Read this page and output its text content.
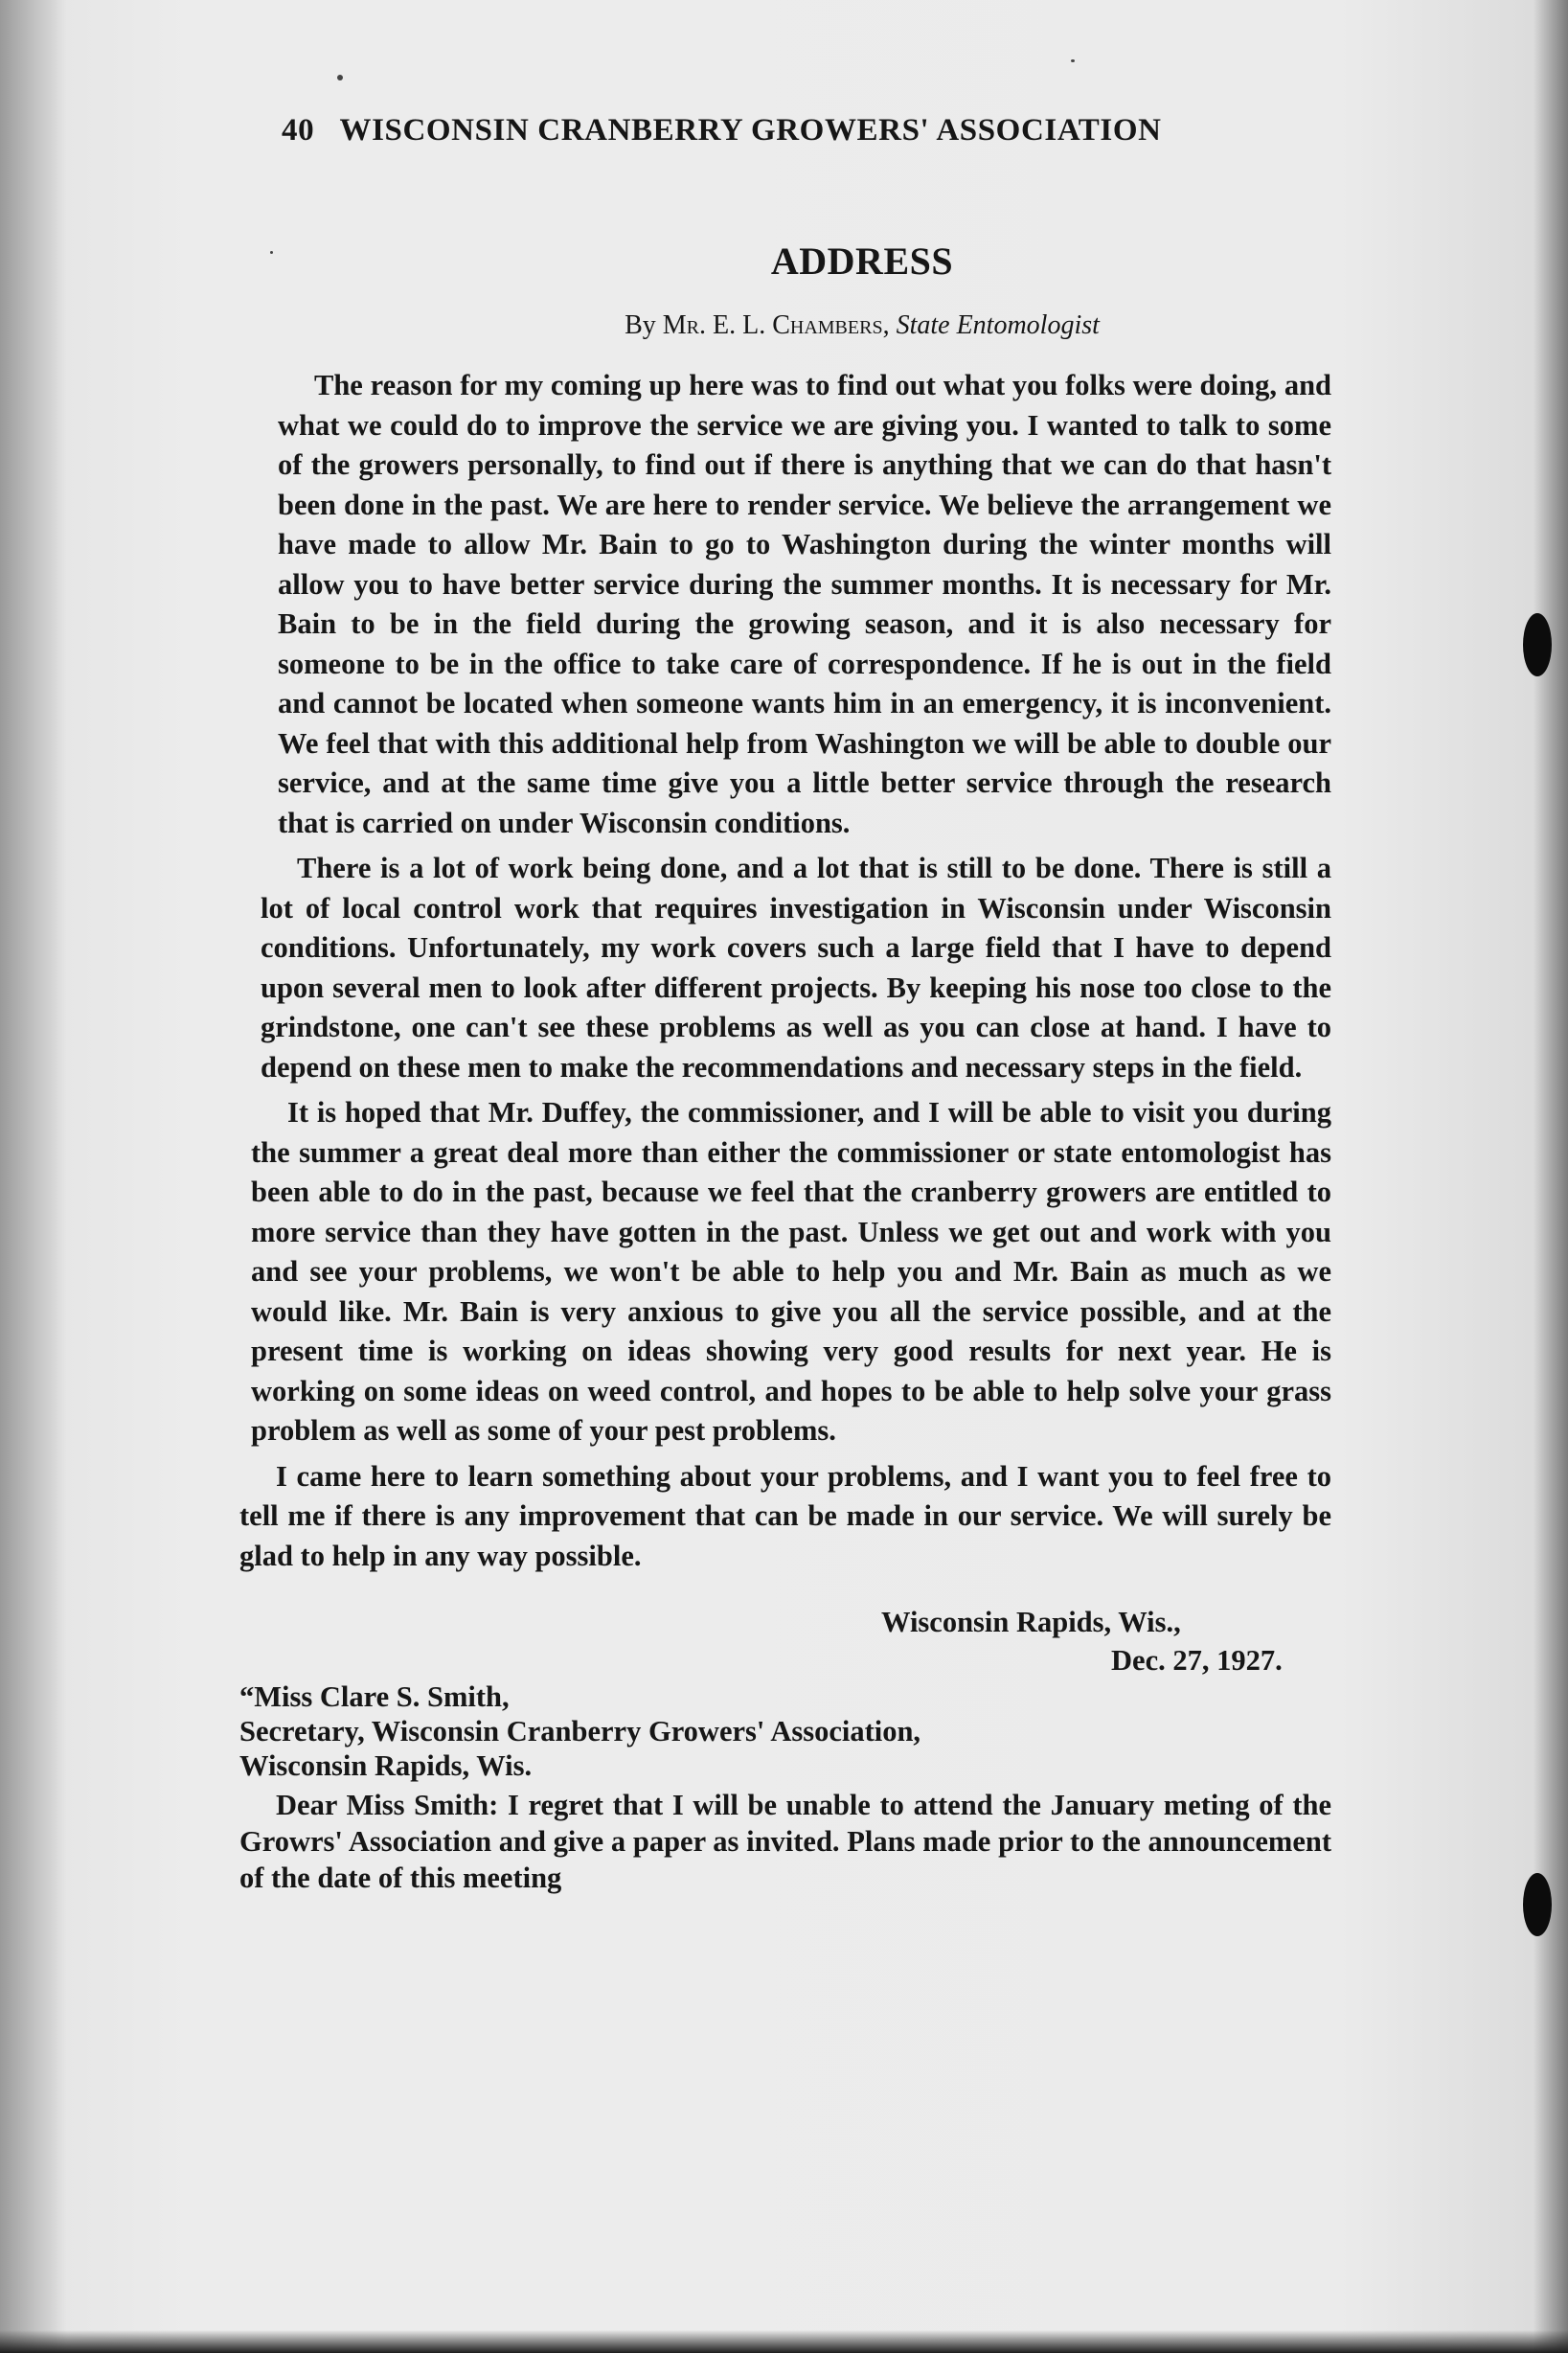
40 WISCONSIN CRANBERRY GROWERS' ASSOCIATION
ADDRESS
By Mr. E. L. Chambers, State Entomologist

The reason for my coming up here was to find out what you folks were doing, and what we could do to improve the service we are giving you. I wanted to talk to some of the growers personally, to find out if there is anything that we can do that hasn't been done in the past. We are here to render service. We believe the arrangement we have made to allow Mr. Bain to go to Washington during the winter months will allow you to have better service during the summer months. It is necessary for Mr. Bain to be in the field during the growing season, and it is also necessary for someone to be in the office to take care of correspondence. If he is out in the field and cannot be located when someone wants him in an emergency, it is inconvenient. We feel that with this additional help from Washington we will be able to double our service, and at the same time give you a little better service through the research that is carried on under Wisconsin conditions.

There is a lot of work being done, and a lot that is still to be done. There is still a lot of local control work that requires investigation in Wisconsin under Wisconsin conditions. Unfortunately, my work covers such a large field that I have to depend upon several men to look after different projects. By keeping his nose too close to the grindstone, one can't see these problems as well as you can close at hand. I have to depend on these men to make the recommendations and necessary steps in the field.

It is hoped that Mr. Duffey, the commissioner, and I will be able to visit you during the summer a great deal more than either the commissioner or state entomologist has been able to do in the past, because we feel that the cranberry growers are entitled to more service than they have gotten in the past. Unless we get out and work with you and see your problems, we won't be able to help you and Mr. Bain as much as we would like. Mr. Bain is very anxious to give you all the service possible, and at the present time is working on ideas showing very good results for next year. He is working on some ideas on weed control, and hopes to be able to help solve your grass problem as well as some of your pest problems.

I came here to learn something about your problems, and I want you to feel free to tell me if there is any improvement that can be made in our service. We will surely be glad to help in any way possible.

Wisconsin Rapids, Wis.,
Dec. 27, 1927.
“Miss Clare S. Smith,
Secretary, Wisconsin Cranberry Growers' Association,
Wisconsin Rapids, Wis.
Dear Miss Smith: I regret that I will be unable to attend the January meting of the Growrs' Association and give a paper as invited. Plans made prior to the announcement of the date of this meeting
